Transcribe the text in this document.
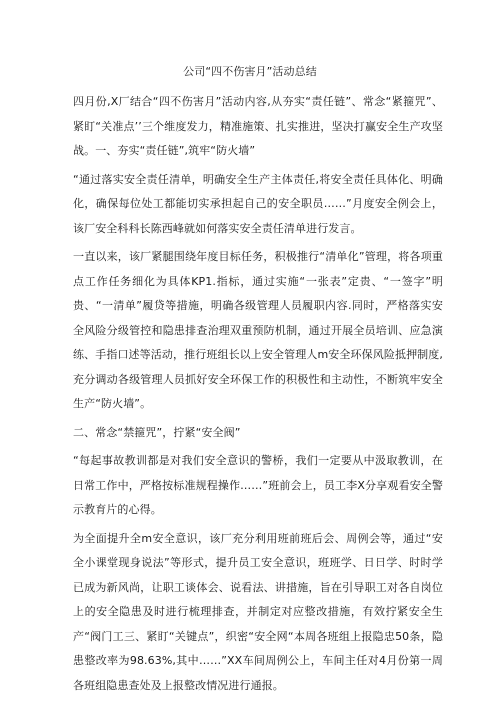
公司“四不伤害月”活动总结

四月份,X厂结合“四不伤害月”活动内容,从夯实“责任链”、常念“紧箍咒”、紧盯“关准点’’三个维度发力，精准施策、扎实推进，坚决打赢安全生产攻坚战。一、夯实“责任链”,筑牢“防火墙”

“通过落实安全责任清单，明确安全生产主体责任,将安全责任具体化、明确化，确保每位处工都能切实承担起自己的安全职员……”月度安全例会上，该厂安全科科长陈西峰就如何落实安全责任清单进行发言。

一直以来，该厂紧腿围绕年度目标任务，积极推行“清单化”管理，将各项重点工作任务细化为具体KP1.指标，通过实施“一张表”定贵、“一签字”明贵、“一清单”履贷等措施，明确各级管理人员履职内容.同时，严格落实安全风险分级管控和隐患排查治理双重预防机制，通过开展全员培训、应急演练、手指口述等活动，推行班组长以上安全管理人m安全环保风险抵押制度,充分调动各级管理人员抓好安全环保工作的积极性和主动性，不断筑牢安全生产“防火墙”。

二、常念“禁箍咒”，拧紧“安全阀”

“每起事故教训都是对我们安全意识的警桥，我们一定要从中汲取教训，在日常工作中，严格按标准规程操作……”班前会上，员工李X分享观看安全警示教育片的心得。

为全面提升全m安全意识，该厂充分利用班前班后会、周例会等，通过“安全小课堂现身说法”等形式，提升员工安全意识，班班学、日日学、时时学已成为新风尚，让职工谈体会、说看法、讲措施，旨在引导职工对各自岗位上的安全隐患及时进行梳理排查，并制定对应整改措施，有效拧紧安全生产“阀门工三、紧盯“关键点”，织密“安全网“本周各班组上报隐忠50条，隐患整改率为98.63%,其中……”XX车间周例公上，车间主任对4月份第一周各班组隐患查处及上报整改情况进行通报。
